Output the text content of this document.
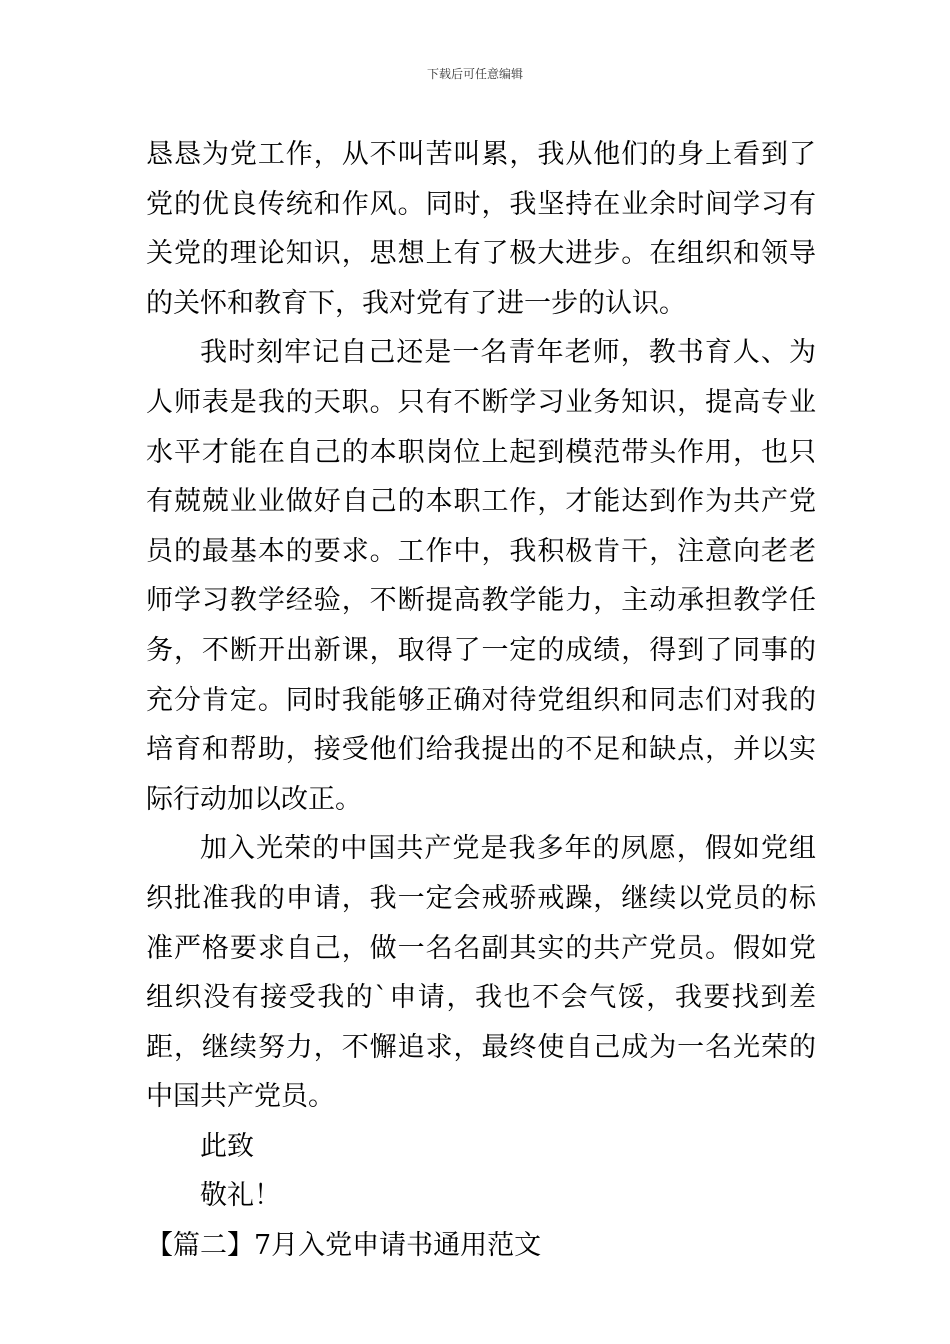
下载后可任意编辑

恳恳为党工作，从不叫苦叫累，我从他们的身上看到了党的优良传统和作风。同时，我坚持在业余时间学习有关党的理论知识，思想上有了极大进步。在组织和领导的关怀和教育下，我对党有了进一步的认识。

我时刻牢记自己还是一名青年老师，教书育人、为人师表是我的天职。只有不断学习业务知识，提高专业水平才能在自己的本职岗位上起到模范带头作用，也只有兢兢业业做好自己的本职工作，才能达到作为共产党员的最基本的要求。工作中，我积极肯干，注意向老老师学习教学经验，不断提高教学能力，主动承担教学任务，不断开出新课，取得了一定的成绩，得到了同事的充分肯定。同时我能够正确对待党组织和同志们对我的培育和帮助，接受他们给我提出的不足和缺点，并以实际行动加以改正。

加入光荣的中国共产党是我多年的夙愿，假如党组织批准我的申请，我一定会戒骄戒躁，继续以党员的标准严格要求自己，做一名名副其实的共产党员。假如党组织没有接受我的`申请，我也不会气馁，我要找到差距，继续努力，不懈追求，最终使自己成为一名光荣的中国共产党员。

此致

敬礼！

【篇二】7月入党申请书通用范文
